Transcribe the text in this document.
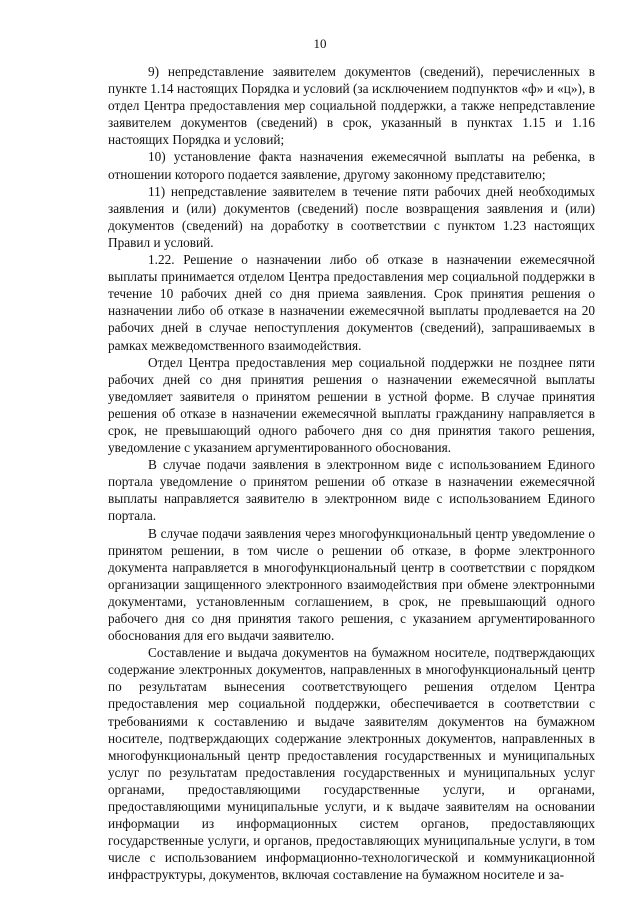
10

9) непредставление заявителем документов (сведений), перечисленных в пункте 1.14 настоящих Порядка и условий (за исключением подпунктов «ф» и «ц»), в отдел Центра предоставления мер социальной поддержки, а также непредставление заявителем документов (сведений) в срок, указанный в пунктах 1.15 и 1.16 настоящих Порядка и условий;

10) установление факта назначения ежемесячной выплаты на ребенка, в отношении которого подается заявление, другому законному представителю;

11) непредставление заявителем в течение пяти рабочих дней необходимых заявления и (или) документов (сведений) после возвращения заявления и (или) документов (сведений) на доработку в соответствии с пунктом 1.23 настоящих Правил и условий.

1.22. Решение о назначении либо об отказе в назначении ежемесячной выплаты принимается отделом Центра предоставления мер социальной поддержки в течение 10 рабочих дней со дня приема заявления. Срок принятия решения о назначении либо об отказе в назначении ежемесячной выплаты продлевается на 20 рабочих дней в случае непоступления документов (сведений), запрашиваемых в рамках межведомственного взаимодействия.

Отдел Центра предоставления мер социальной поддержки не позднее пяти рабочих дней со дня принятия решения о назначении ежемесячной выплаты уведомляет заявителя о принятом решении в устной форме. В случае принятия решения об отказе в назначении ежемесячной выплаты гражданину направляется в срок, не превышающий одного рабочего дня со дня принятия такого решения, уведомление с указанием аргументированного обоснования.

В случае подачи заявления в электронном виде с использованием Единого портала уведомление о принятом решении об отказе в назначении ежемесячной выплаты направляется заявителю в электронном виде с использованием Единого портала.

В случае подачи заявления через многофункциональный центр уведомление о принятом решении, в том числе о решении об отказе, в форме электронного документа направляется в многофункциональный центр в соответствии с порядком организации защищенного электронного взаимодействия при обмене электронными документами, установленным соглашением, в срок, не превышающий одного рабочего дня со дня принятия такого решения, с указанием аргументированного обоснования для его выдачи заявителю.

Составление и выдача документов на бумажном носителе, подтверждающих содержание электронных документов, направленных в многофункциональный центр по результатам вынесения соответствующего решения отделом Центра предоставления мер социальной поддержки, обеспечивается в соответствии с требованиями к составлению и выдаче заявителям документов на бумажном носителе, подтверждающих содержание электронных документов, направленных в многофункциональный центр предоставления государственных и муниципальных услуг по результатам предоставления государственных и муниципальных услуг органами, предоставляющими государственные услуги, и органами, предоставляющими муниципальные услуги, и к выдаче заявителям на основании информации из информационных систем органов, предоставляющих государственные услуги, и органов, предоставляющих муниципальные услуги, в том числе с использованием информационно-технологической и коммуникационной инфраструктуры, документов, включая составление на бумажном носителе и за-
